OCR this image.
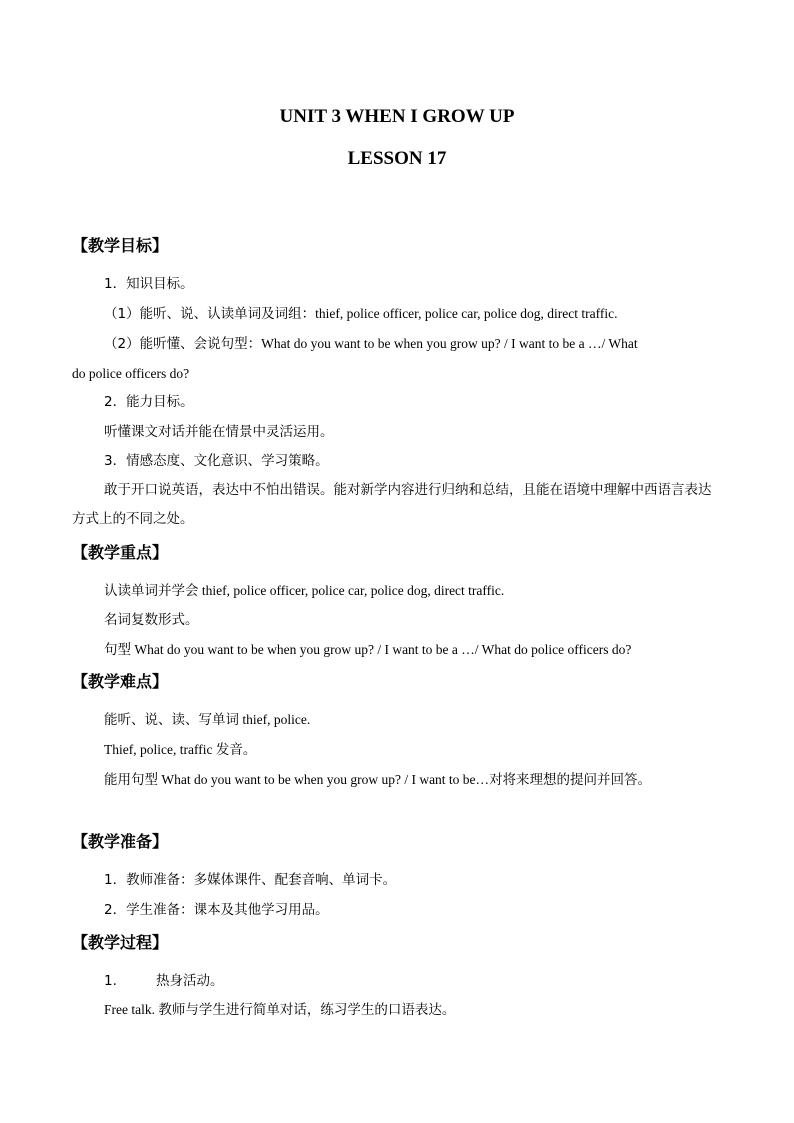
UNIT 3 WHEN I GROW UP
LESSON 17
【教学目标】
1．知识目标。
（1）能听、说、认读单词及词组：thief, police officer, police car, police dog, direct traffic.
（2）能听懂、会说句型：What do you want to be when you grow up? / I want to be a …/ What
do police officers do?
2．能力目标。
听懂课文对话并能在情景中灵活运用。
3．情感态度、文化意识、学习策略。
敢于开口说英语，表达中不怕出错误。能对新学内容进行归纳和总结，且能在语境中理解中西语言表达方式上的不同之处。
【教学重点】
认读单词并学会 thief, police officer, police car, police dog, direct traffic.
名词复数形式。
句型 What do you want to be when you grow up? / I want to be a …/ What do police officers do?
【教学难点】
能听、说、读、写单词 thief, police.
Thief, police, traffic 发音。
能用句型 What do you want to be when you grow up? / I want to be…对将来理想的提问并回答。
【教学准备】
1．教师准备：多媒体课件、配套音响、单词卡。
2．学生准备：课本及其他学习用品。
【教学过程】
1.	热身活动。
Free talk. 教师与学生进行简单对话，练习学生的口语表达。
